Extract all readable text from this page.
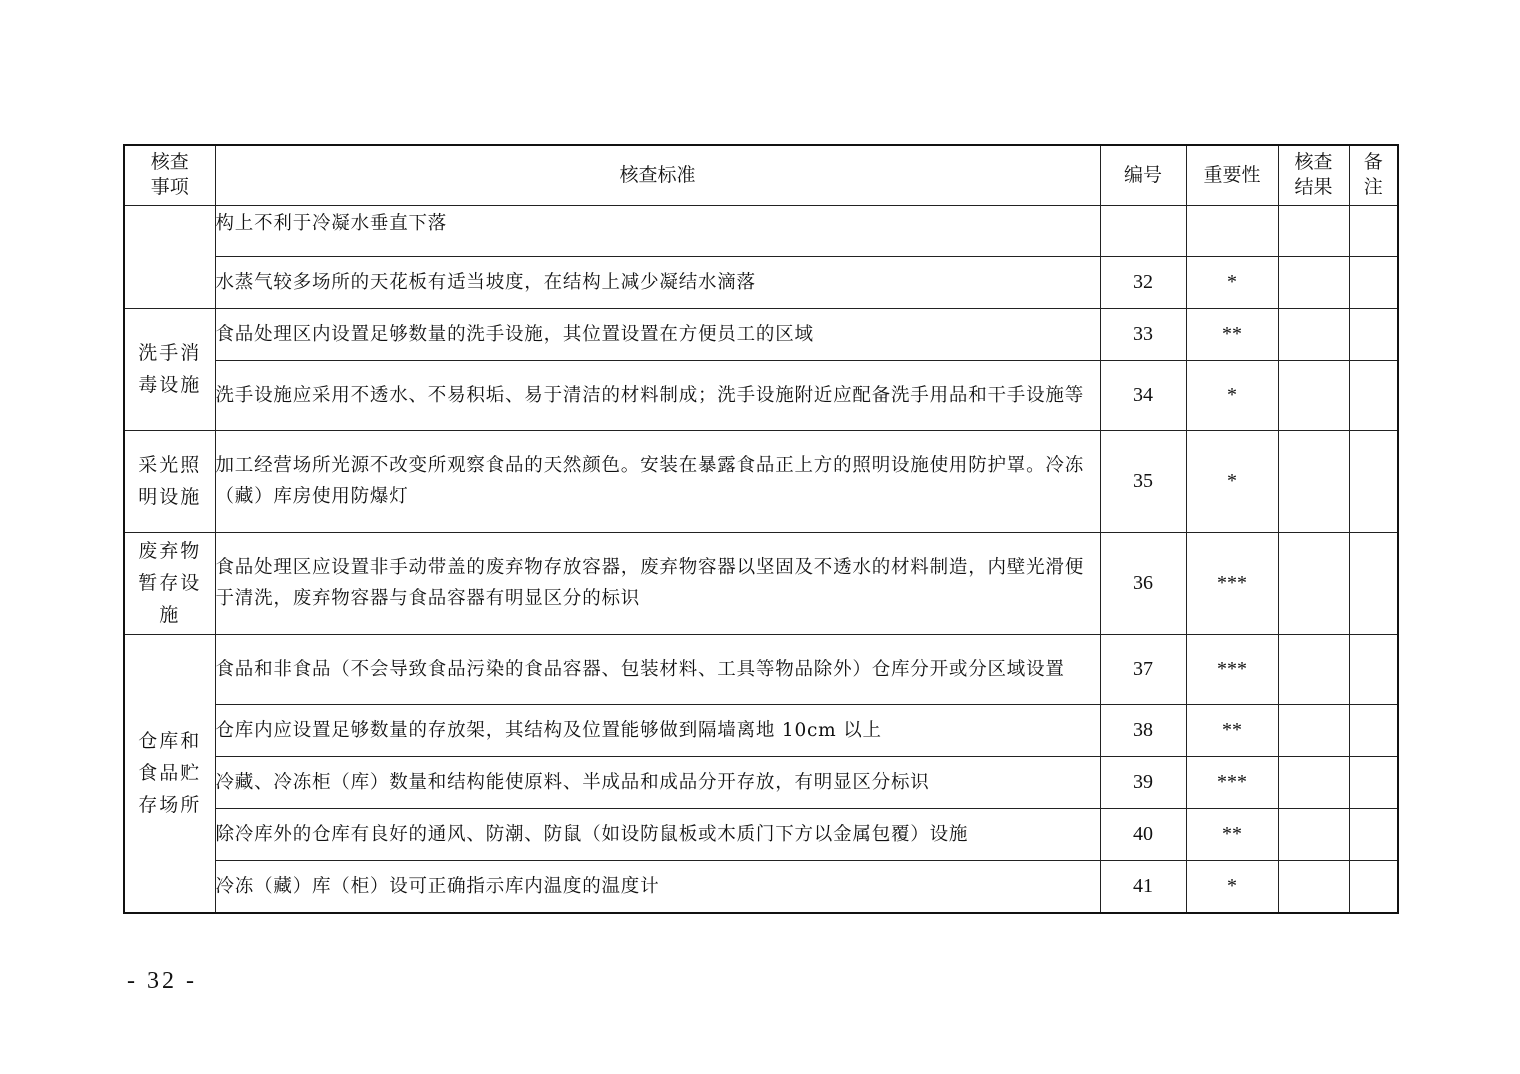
核查事项	核查标准	编号	重要性	核查结果	备注
	构上不利于冷凝水垂直下落				
	水蒸气较多场所的天花板有适当坡度，在结构上减少凝结水滴落	32	*		
洗手消毒设施	食品处理区内设置足够数量的洗手设施，其位置设置在方便员工的区域	33	**		
	洗手设施应采用不透水、不易积垢、易于清洁的材料制成；洗手设施附近应配备洗手用品和干手设施等	34	*		
采光照明设施	加工经营场所光源不改变所观察食品的天然颜色。安装在暴露食品正上方的照明设施使用防护罩。冷冻（藏）库房使用防爆灯	35	*		
废弃物暂存设施	食品处理区应设置非手动带盖的废弃物存放容器，废弃物容器以坚固及不透水的材料制造，内壁光滑便于清洗，废弃物容器与食品容器有明显区分的标识	36	***		
仓库和食品贮存场所	食品和非食品（不会导致食品污染的食品容器、包装材料、工具等物品除外）仓库分开或分区域设置	37	***		
	仓库内应设置足够数量的存放架，其结构及位置能够做到隔墙离地 10cm 以上	38	**		
	冷藏、冷冻柜（库）数量和结构能使原料、半成品和成品分开存放，有明显区分标识	39	***		
	除冷库外的仓库有良好的通风、防潮、防鼠（如设防鼠板或木质门下方以金属包覆）设施	40	**		
	冷冻（藏）库（柜）设可正确指示库内温度的温度计	41	*		
- 32 -
